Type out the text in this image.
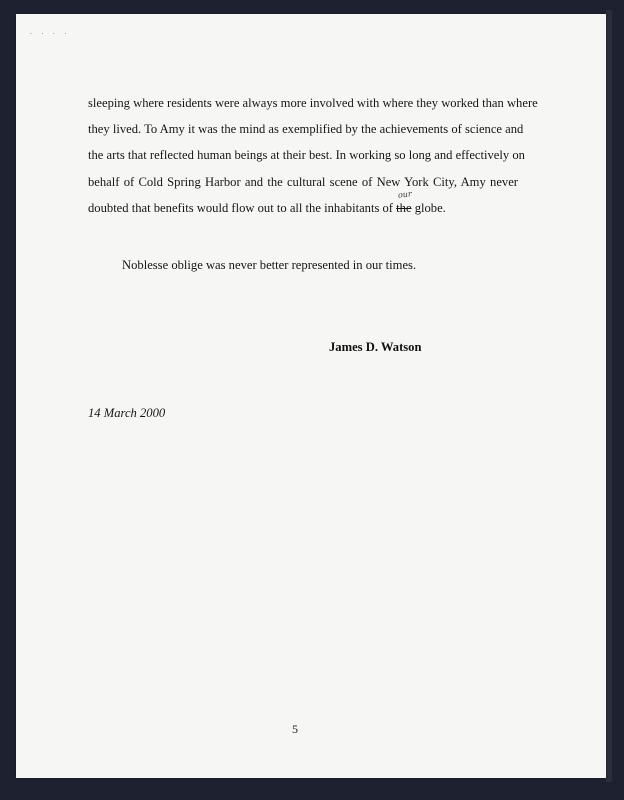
. . . .
sleeping where residents were always more involved with where they worked than where
they lived. To Amy it was the mind as exemplified by the achievements of science and
the arts that reflected human beings at their best. In working so long and effectively on
behalf of Cold Spring Harbor and the cultural scene of New York City, Amy never
doubted that benefits would flow out to all the inhabitants of
our
the globe.
Noblesse oblige was never better represented in our times.
James D. Watson
14 March 2000
5
